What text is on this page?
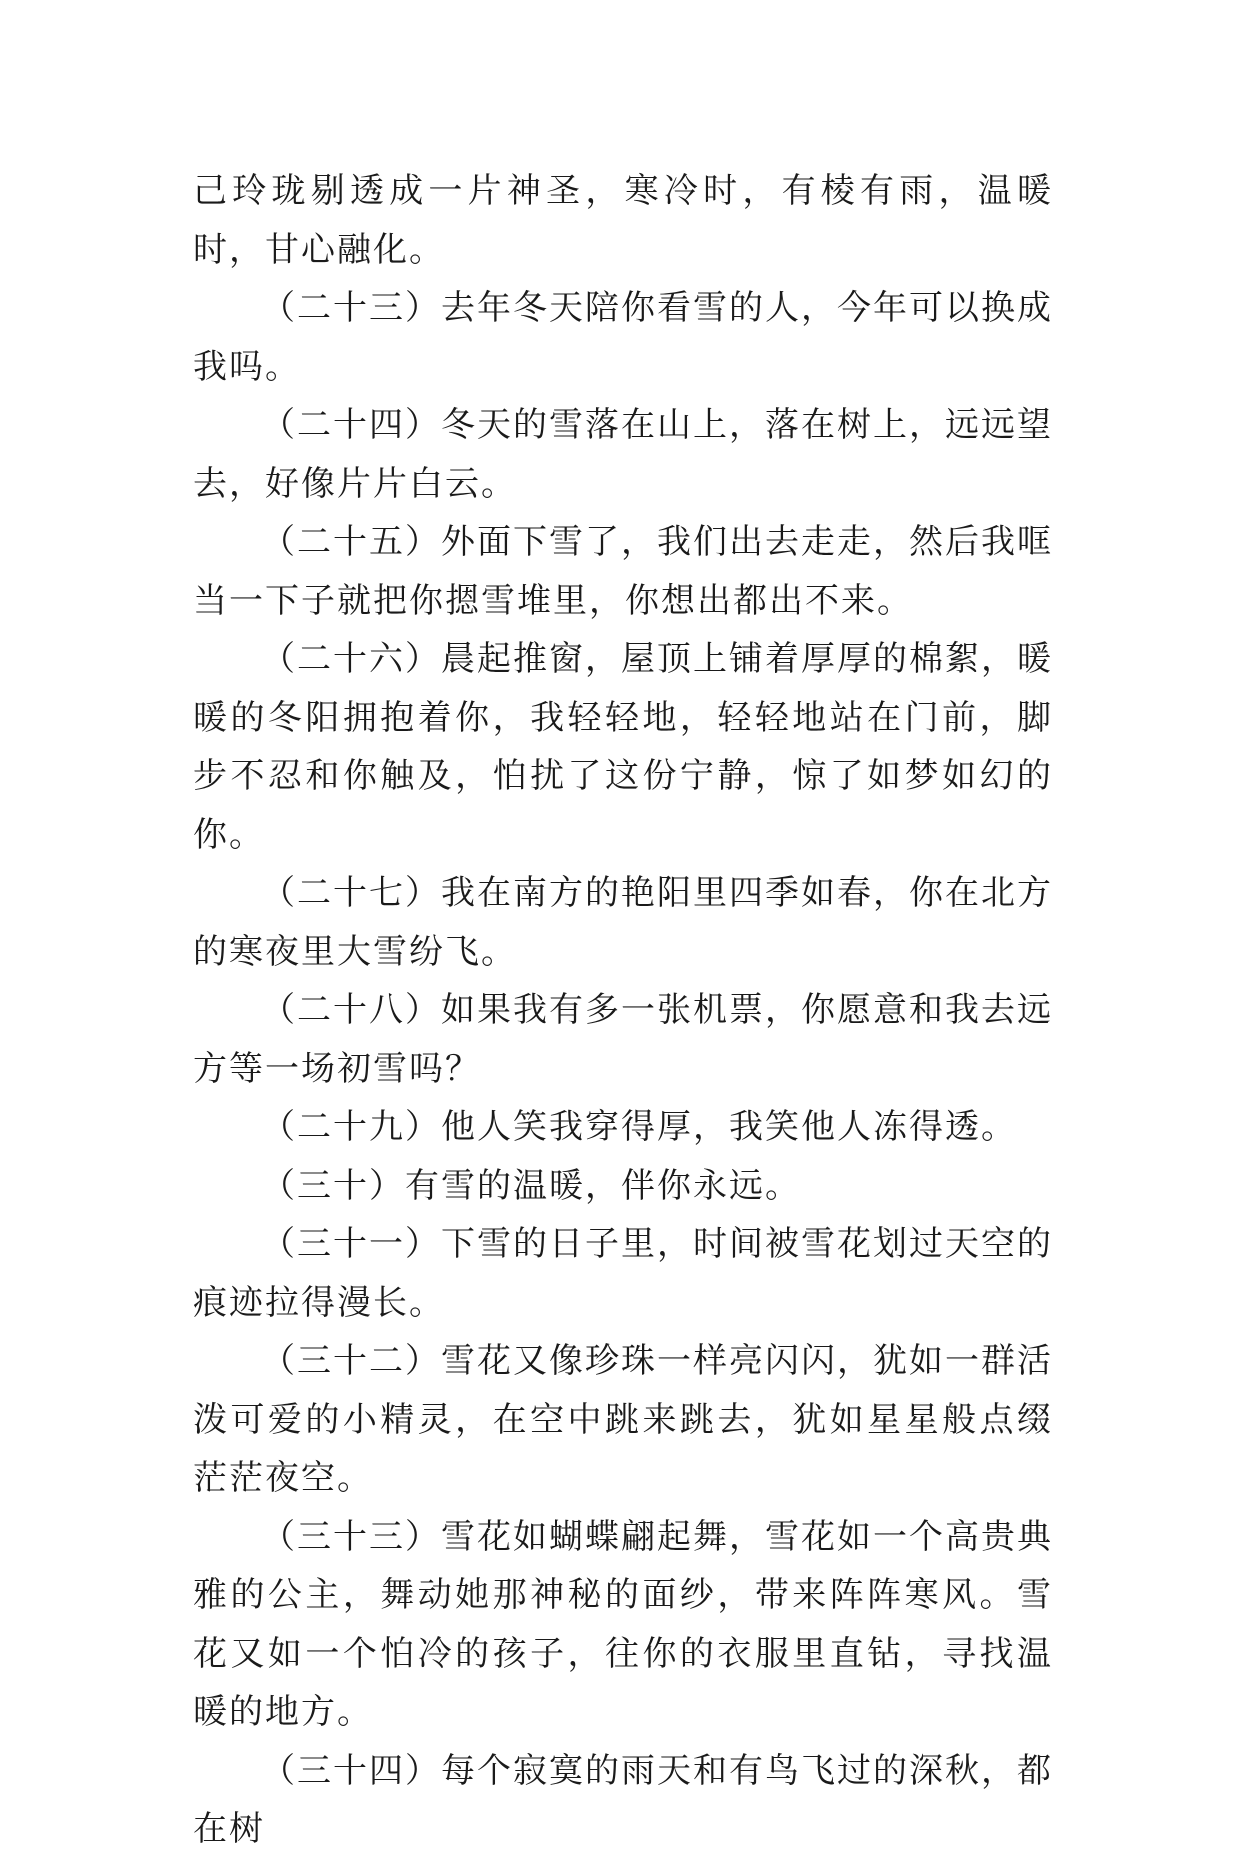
己玲珑剔透成一片神圣，寒冷时，有棱有雨，温暖时，甘心融化。

（二十三）去年冬天陪你看雪的人，今年可以换成我吗。

（二十四）冬天的雪落在山上，落在树上，远远望去，好像片片白云。

（二十五）外面下雪了，我们出去走走，然后我哐当一下子就把你摁雪堆里，你想出都出不来。

（二十六）晨起推窗，屋顶上铺着厚厚的棉絮，暖暖的冬阳拥抱着你，我轻轻地，轻轻地站在门前，脚步不忍和你触及，怕扰了这份宁静，惊了如梦如幻的你。

（二十七）我在南方的艳阳里四季如春，你在北方的寒夜里大雪纷飞。

（二十八）如果我有多一张机票，你愿意和我去远方等一场初雪吗？

（二十九）他人笑我穿得厚，我笑他人冻得透。

（三十）有雪的温暖，伴你永远。

（三十一）下雪的日子里，时间被雪花划过天空的痕迹拉得漫长。

（三十二）雪花又像珍珠一样亮闪闪，犹如一群活泼可爱的小精灵，在空中跳来跳去，犹如星星般点缀茫茫夜空。

（三十三）雪花如蝴蝶翩起舞，雪花如一个高贵典雅的公主，舞动她那神秘的面纱，带来阵阵寒风。雪花又如一个怕冷的孩子，往你的衣服里直钻，寻找温暖的地方。

（三十四）每个寂寞的雨天和有鸟飞过的深秋，都在树
